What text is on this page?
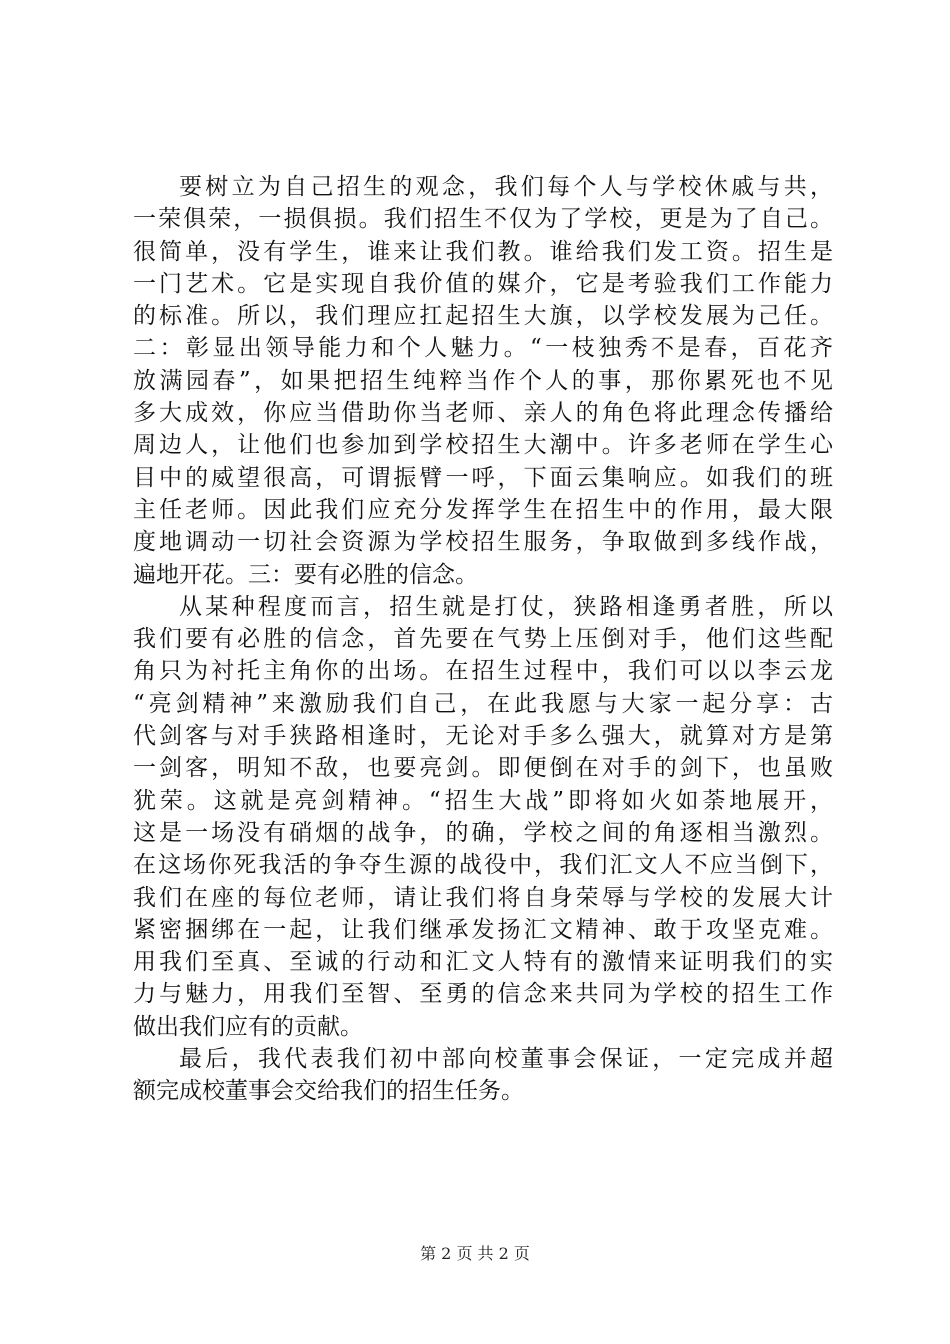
要树立为自己招生的观念，我们每个人与学校休戚与共，
一荣俱荣，一损俱损。我们招生不仅为了学校，更是为了自己。
很简单，没有学生，谁来让我们教。谁给我们发工资。招生是
一门艺术。它是实现自我价值的媒介，它是考验我们工作能力
的标准。所以，我们理应扛起招生大旗，以学校发展为己任。
二：彰显出领导能力和个人魅力。“一枝独秀不是春，百花齐
放满园春”，如果把招生纯粹当作个人的事，那你累死也不见
多大成效，你应当借助你当老师、亲人的角色将此理念传播给
周边人，让他们也参加到学校招生大潮中。许多老师在学生心
目中的威望很高，可谓振臂一呼，下面云集响应。如我们的班
主任老师。因此我们应充分发挥学生在招生中的作用，最大限
度地调动一切社会资源为学校招生服务，争取做到多线作战，
遍地开花。三：要有必胜的信念。
从某种程度而言，招生就是打仗，狭路相逢勇者胜，所以
我们要有必胜的信念，首先要在气势上压倒对手，他们这些配
角只为衬托主角你的出场。在招生过程中，我们可以以李云龙
“亮剑精神”来激励我们自己，在此我愿与大家一起分享：古
代剑客与对手狭路相逢时，无论对手多么强大，就算对方是第
一剑客，明知不敌，也要亮剑。即便倒在对手的剑下，也虽败
犹荣。这就是亮剑精神。“招生大战”即将如火如荼地展开，
这是一场没有硝烟的战争，的确，学校之间的角逐相当激烈。
在这场你死我活的争夺生源的战役中，我们汇文人不应当倒下，
我们在座的每位老师，请让我们将自身荣辱与学校的发展大计
紧密捆绑在一起，让我们继承发扬汇文精神、敢于攻坚克难。
用我们至真、至诚的行动和汇文人特有的激情来证明我们的实
力与魅力，用我们至智、至勇的信念来共同为学校的招生工作
做出我们应有的贡献。
最后，我代表我们初中部向校董事会保证，一定完成并超
额完成校董事会交给我们的招生任务。
第 2 页 共 2 页
